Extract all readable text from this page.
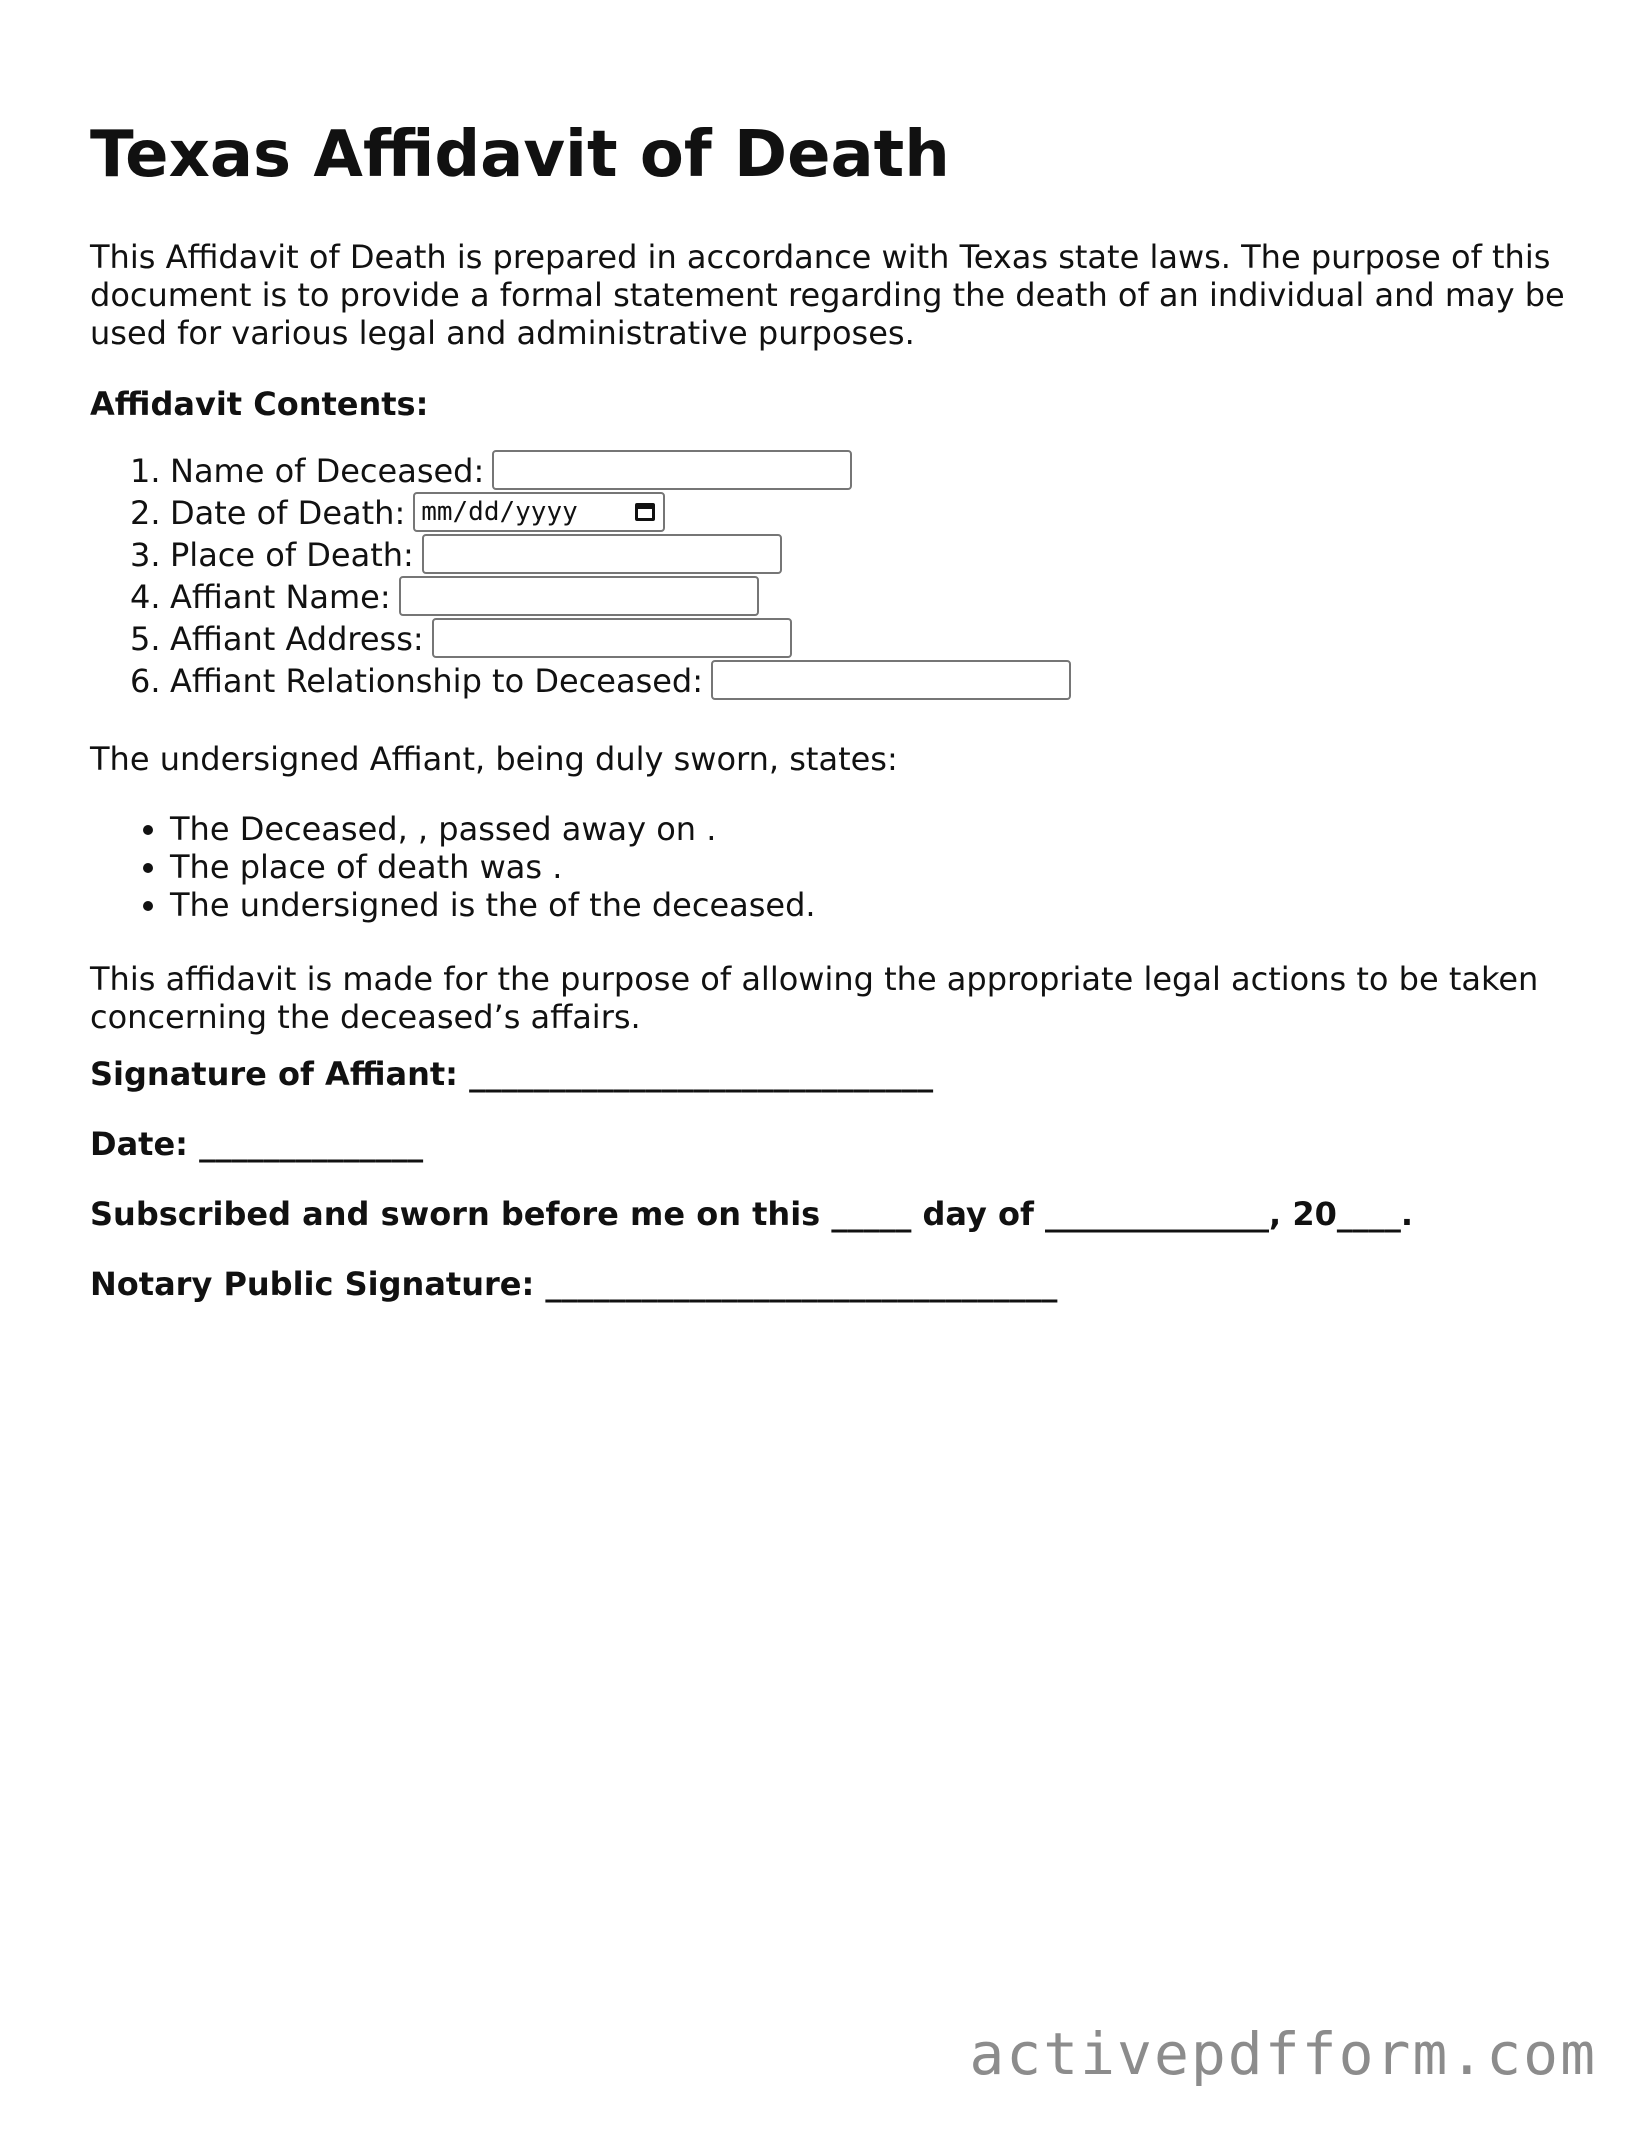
Texas Affidavit of Death

This Affidavit of Death is prepared in accordance with Texas state laws. The purpose of this document is to provide a formal statement regarding the death of an individual and may be used for various legal and administrative purposes.

Affidavit Contents:

1. Name of Deceased:
2. Date of Death: mm/dd/yyyy
3. Place of Death:
4. Affiant Name:
5. Affiant Address:
6. Affiant Relationship to Deceased:

The undersigned Affiant, being duly sworn, states:

• The Deceased, , passed away on .
• The place of death was .
• The undersigned is the of the deceased.

This affidavit is made for the purpose of allowing the appropriate legal actions to be taken concerning the deceased’s affairs.

Signature of Affiant: _____________________________

Date: ______________

Subscribed and sworn before me on this _____ day of ______________, 20____.

Notary Public Signature: ________________________________

activepdfform.com
